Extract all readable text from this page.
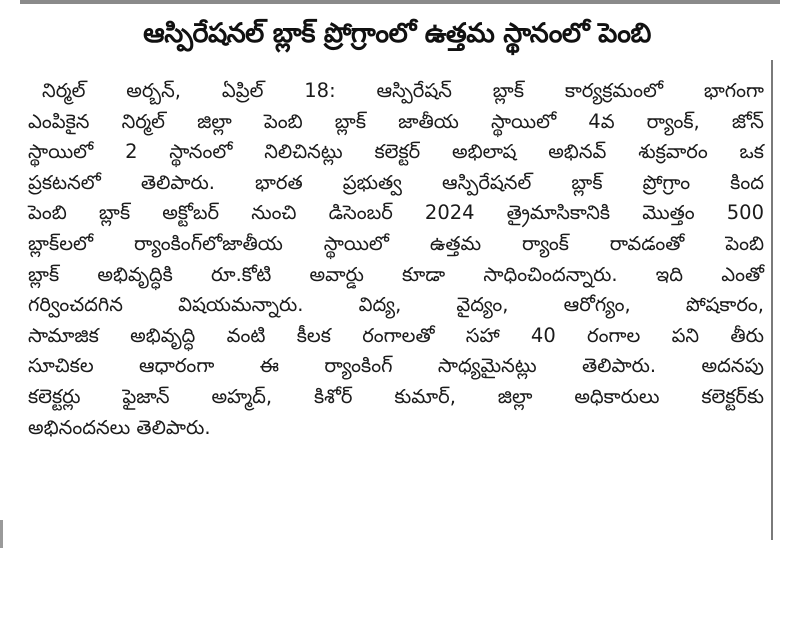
ఆస్పిరేషనల్ బ్లాక్ ప్రోగ్రాంలో ఉత్తమ స్థానంలో పెంబి
నిర్మల్ అర్బన్, ఏప్రిల్ 18: ఆస్పిరేషన్ బ్లాక్ కార్యక్రమంలో భాగంగా
ఎంపికైన నిర్మల్ జిల్లా పెంబి బ్లాక్ జాతీయ స్థాయిలో 4వ ర్యాంక్, జోన్
స్థాయిలో 2 స్థానంలో నిలిచినట్లు కలెక్టర్ అభిలాష అభినవ్ శుక్రవారం ఒక
ప్రకటనలో తెలిపారు. భారత ప్రభుత్వ ఆస్పిరేషనల్ బ్లాక్ ప్రోగ్రాం కింద
పెంబి బ్లాక్ అక్టోబర్ నుంచి డిసెంబర్ 2024 త్రైమాసికానికి మొత్తం 500
బ్లాక్‌లలో ర్యాంకింగ్‌లోజాతీయ స్థాయిలో ఉత్తమ ర్యాంక్ రావడంతో పెంబి
బ్లాక్ అభివృద్ధికి రూ.కోటి అవార్డు కూడా సాధించిందన్నారు. ఇది ఎంతో
గర్వించదగిన విషయమన్నారు. విద్య, వైద్యం, ఆరోగ్యం, పోషకారం,
సామాజిక అభివృద్ధి వంటి కీలక రంగాలతో సహా 40 రంగాల పని తీరు
సూచికల ఆధారంగా ఈ ర్యాంకింగ్ సాధ్యమైనట్లు తెలిపారు. అదనపు
కలెక్టర్లు ఫైజాన్ అహ్మద్, కిశోర్ కుమార్, జిల్లా అధికారులు కలెక్టర్‌కు
అభినందనలు తెలిపారు.
